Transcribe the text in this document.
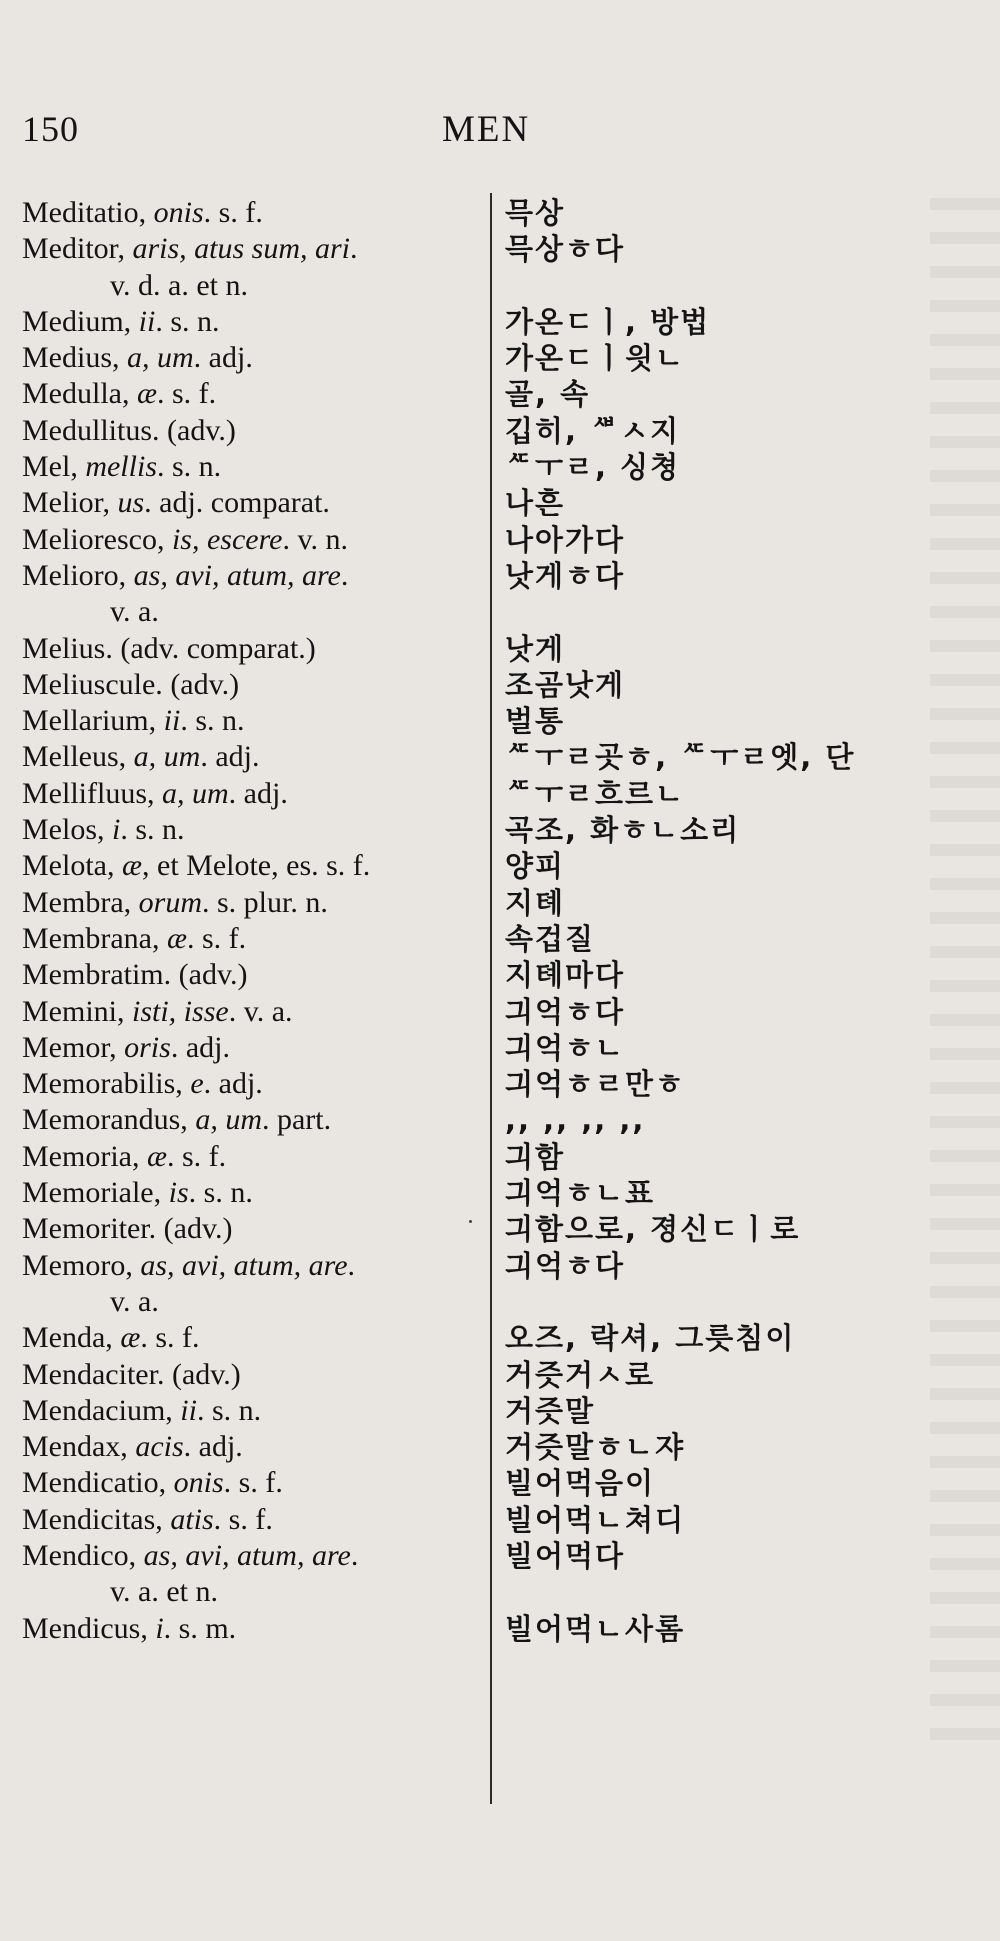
150	MEN
Meditatio, onis. s. f.	믁상
Meditor, aris, atus sum, ari.	믁상ㅎ다
v. d. a. et n.
Medium, ii. s. n.	가온ㄷㅣ, 방법
Medius, a, um. adj.	가온ㄷㅣ읫ㄴ
Medulla, æ. s. f.	골, 속
Medullitus. (adv.)	깁히, ᄲㅅ지
Mel, mellis. s. n.	ᄯㅜㄹ, 싱쳥
Melior, us. adj. comparat.	나흔
Melioresco, is, escere. v. n.	나아가다
Melioro, as, avi, atum, are.	낫게ㅎ다
v. a.
Melius. (adv. comparat.)	낫게
Meliuscule. (adv.)	조곰낫게
Mellarium, ii. s. n.	벌통
Melleus, a, um. adj.	ᄯㅜㄹ곳ㅎ, ᄯㅜㄹ엣, 단
Mellifluus, a, um. adj.	ᄯㅜㄹ흐르ㄴ
Melos, i. s. n.	곡조, 화ㅎㄴ소리
Melota, æ, et Melote, es. s. f.	양피
Membra, orum. s. plur. n.	지톄
Membrana, æ. s. f.	속겁질
Membratim. (adv.)	지톄마다
Memini, isti, isse. v. a.	긔억ㅎ다
Memor, oris. adj.	긔억ㅎㄴ
Memorabilis, e. adj.	긔억ㅎㄹ만ㅎ
Memorandus, a, um. part.	,, ,, ,, ,,
Memoria, æ. s. f.	긔함
Memoriale, is. s. n.	긔억ㅎㄴ표
Memoriter. (adv.)	긔함으로, 졍신ㄷㅣ로
Memoro, as, avi, atum, are.	긔억ㅎ다
v. a.
Menda, æ. s. f.	오즈, 락셔, 그릇침이
Mendaciter. (adv.)	거즛거ㅅ로
Mendacium, ii. s. n.	거즛말
Mendax, acis. adj.	거즛말ㅎㄴ쟈
Mendicatio, onis. s. f.	빌어먹음이
Mendicitas, atis. s. f.	빌어먹ㄴ쳐디
Mendico, as, avi, atum, are.	빌어먹다
v. a. et n.
Mendicus, i. s. m.	빌어먹ㄴ사롬
